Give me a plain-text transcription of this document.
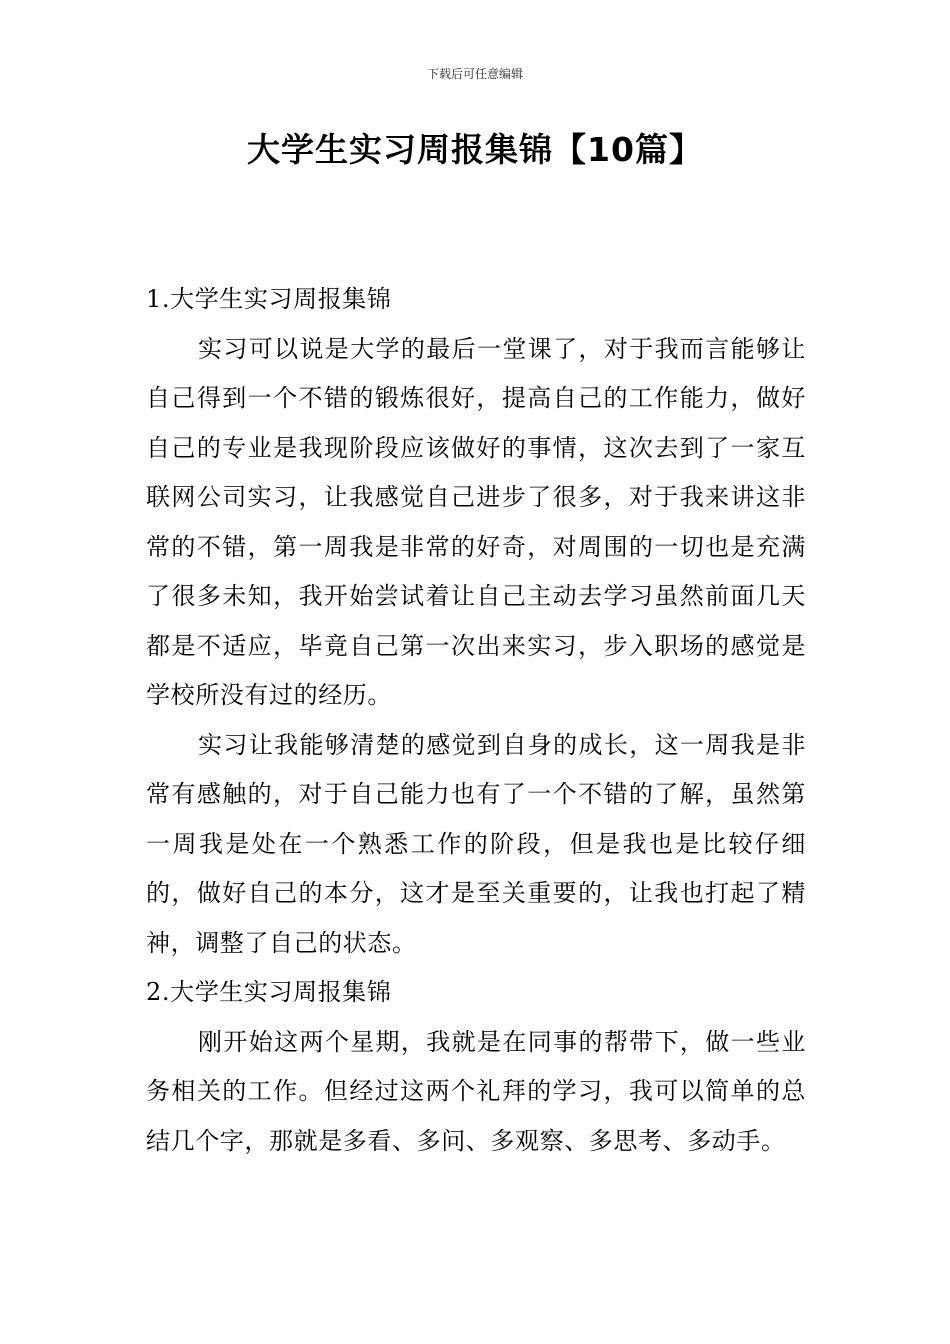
下载后可任意编辑
大学生实习周报集锦【10篇】
1.大学生实习周报集锦

实习可以说是大学的最后一堂课了，对于我而言能够让自己得到一个不错的锻炼很好，提高自己的工作能力，做好自己的专业是我现阶段应该做好的事情，这次去到了一家互联网公司实习，让我感觉自己进步了很多，对于我来讲这非常的不错，第一周我是非常的好奇，对周围的一切也是充满了很多未知，我开始尝试着让自己主动去学习虽然前面几天都是不适应，毕竟自己第一次出来实习，步入职场的感觉是学校所没有过的经历。

实习让我能够清楚的感觉到自身的成长，这一周我是非常有感触的，对于自己能力也有了一个不错的了解，虽然第一周我是处在一个熟悉工作的阶段，但是我也是比较仔细的，做好自己的本分，这才是至关重要的，让我也打起了精神，调整了自己的状态。

2.大学生实习周报集锦

刚开始这两个星期，我就是在同事的帮带下，做一些业务相关的工作。但经过这两个礼拜的学习，我可以简单的总结几个字，那就是多看、多问、多观察、多思考、多动手。
